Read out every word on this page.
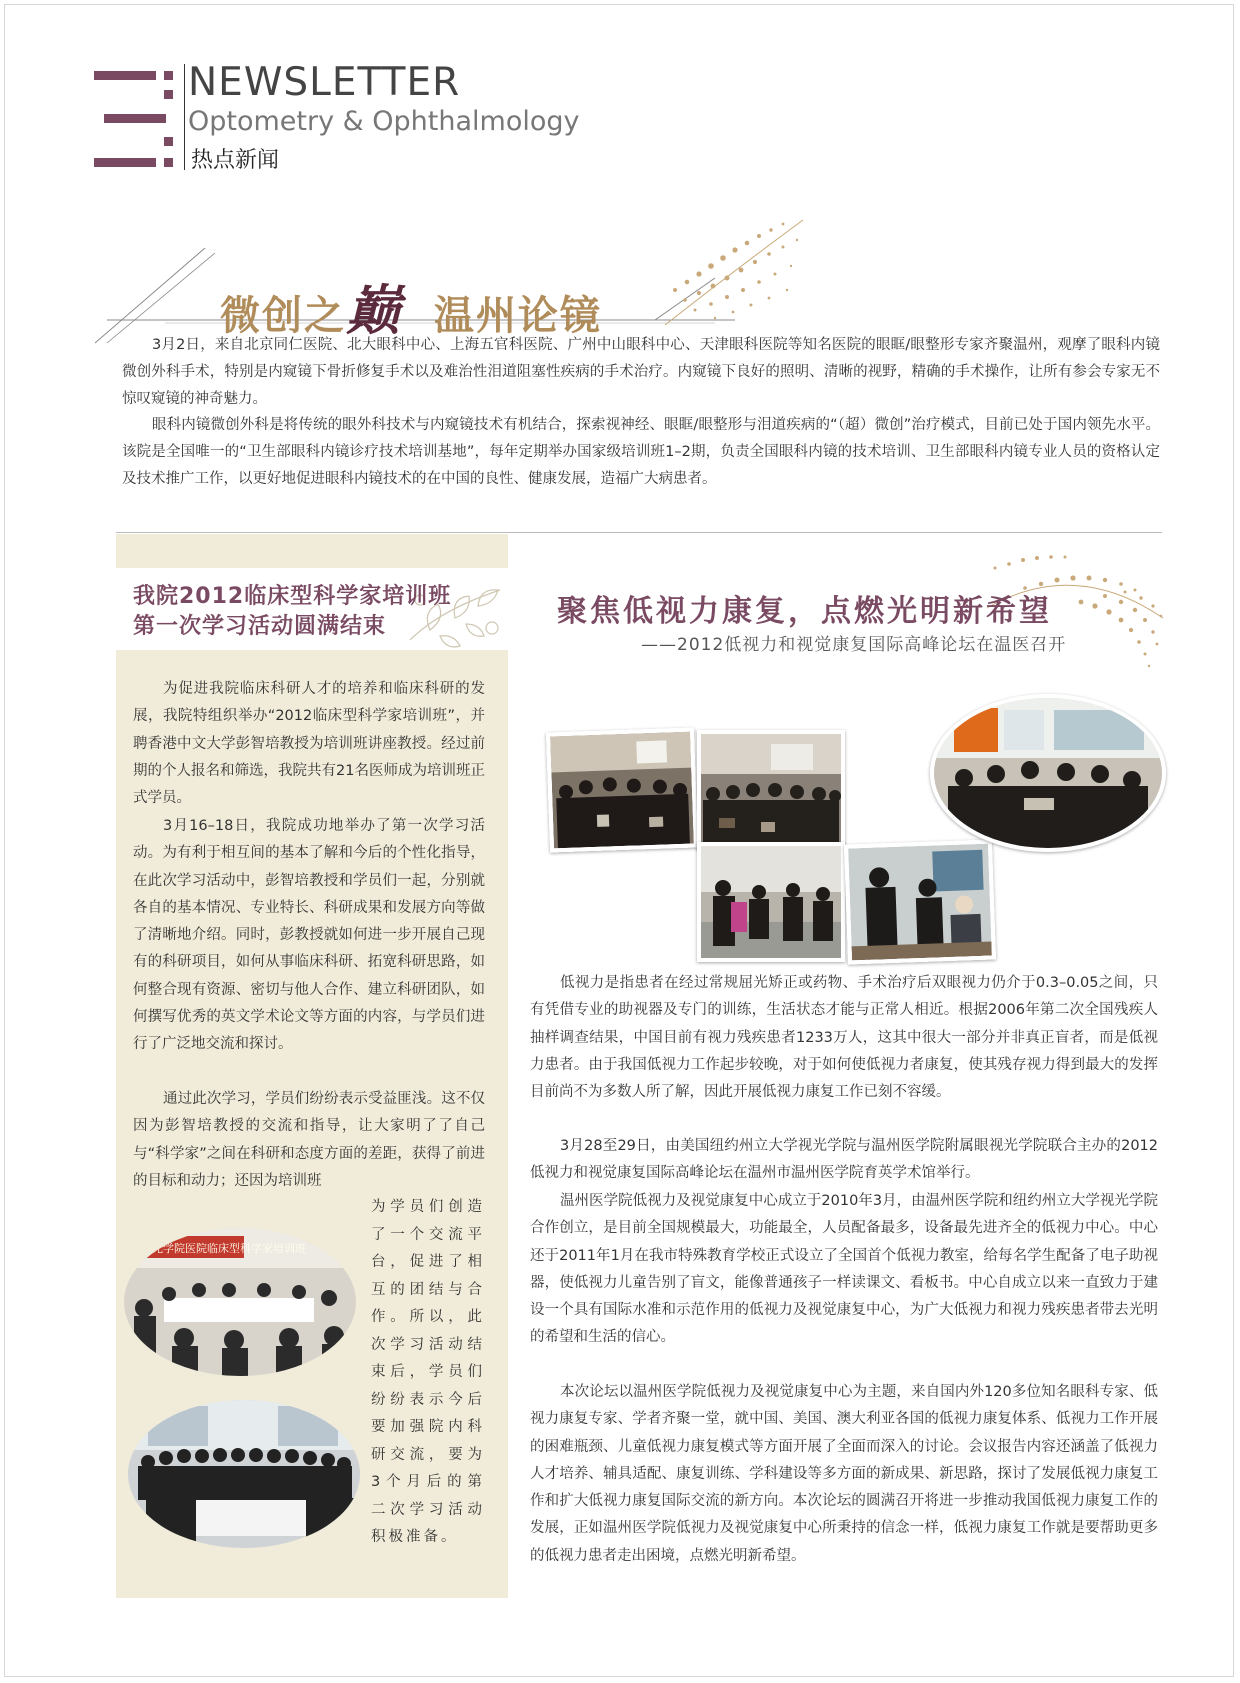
NEWSLETTER
Optometry & Ophthalmology
热点新闻
微创之巅 温州论镜

3月2日，来自北京同仁医院、北大眼科中心、上海五官科医院、广州中山眼科中心、天津眼科医院等知名医院的眼眶/眼整形专家齐聚温州，观摩了眼科内镜微创外科手术，特别是内窥镜下骨折修复手术以及难治性泪道阻塞性疾病的手术治疗。内窥镜下良好的照明、清晰的视野，精确的手术操作，让所有参会专家无不惊叹窥镜的神奇魅力。

眼科内镜微创外科是将传统的眼外科技术与内窥镜技术有机结合，探索视神经、眼眶/眼整形与泪道疾病的“（超）微创”治疗模式，目前已处于国内领先水平。该院是全国唯一的“卫生部眼科内镜诊疗技术培训基地”，每年定期举办国家级培训班1–2期，负责全国眼科内镜的技术培训、卫生部眼科内镜专业人员的资格认定及技术推广工作，以更好地促进眼科内镜技术的在中国的良性、健康发展，造福广大病患者。

我院2012临床型科学家培训班
第一次学习活动圆满结束

为促进我院临床科研人才的培养和临床科研的发展，我院特组织举办“2012临床型科学家培训班”，并聘香港中文大学彭智培教授为培训班讲座教授。经过前期的个人报名和筛选，我院共有21名医师成为培训班正式学员。

3月16–18日，我院成功地举办了第一次学习活动。为有利于相互间的基本了解和今后的个性化指导，在此次学习活动中，彭智培教授和学员们一起，分别就各自的基本情况、专业特长、科研成果和发展方向等做了清晰地介绍。同时，彭教授就如何进一步开展自己现有的科研项目，如何从事临床科研、拓宽科研思路，如何整合现有资源、密切与他人合作、建立科研团队，如何撰写优秀的英文学术论文等方面的内容，与学员们进行了广泛地交流和探讨。

通过此次学习，学员们纷纷表示受益匪浅。这不仅因为彭智培教授的交流和指导，让大家明了了自己与“科学家”之间在科研和态度方面的差距，获得了前进的目标和动力；还因为培训班

为学员们创造了一个交流平台，促进了相互的团结与合作。所以，此次学习活动结束后，学员们纷纷表示今后要加强院内科研交流，要为3个月后的第二次学习活动积极准备。

眼视光学院医院临床型科学家培训班
聚焦低视力康复，点燃光明新希望
——2012低视力和视觉康复国际高峰论坛在温医召开

低视力是指患者在经过常规屈光矫正或药物、手术治疗后双眼视力仍介于0.3–0.05之间，只有凭借专业的助视器及专门的训练，生活状态才能与正常人相近。根据2006年第二次全国残疾人抽样调查结果，中国目前有视力残疾患者1233万人，这其中很大一部分并非真正盲者，而是低视力患者。由于我国低视力工作起步较晚，对于如何使低视力者康复，使其残存视力得到最大的发挥目前尚不为多数人所了解，因此开展低视力康复工作已刻不容缓。

3月28至29日，由美国纽约州立大学视光学院与温州医学院附属眼视光学院联合主办的2012低视力和视觉康复国际高峰论坛在温州市温州医学院育英学术馆举行。

温州医学院低视力及视觉康复中心成立于2010年3月，由温州医学院和纽约州立大学视光学院合作创立，是目前全国规模最大，功能最全，人员配备最多，设备最先进齐全的低视力中心。中心还于2011年1月在我市特殊教育学校正式设立了全国首个低视力教室，给每名学生配备了电子助视器，使低视力儿童告别了盲文，能像普通孩子一样读课文、看板书。中心自成立以来一直致力于建设一个具有国际水准和示范作用的低视力及视觉康复中心，为广大低视力和视力残疾患者带去光明的希望和生活的信心。

本次论坛以温州医学院低视力及视觉康复中心为主题，来自国内外120多位知名眼科专家、低视力康复专家、学者齐聚一堂，就中国、美国、澳大利亚各国的低视力康复体系、低视力工作开展的困难瓶颈、儿童低视力康复模式等方面开展了全面而深入的讨论。会议报告内容还涵盖了低视力人才培养、辅具适配、康复训练、学科建设等多方面的新成果、新思路，探讨了发展低视力康复工作和扩大低视力康复国际交流的新方向。本次论坛的圆满召开将进一步推动我国低视力康复工作的发展，正如温州医学院低视力及视觉康复中心所秉持的信念一样，低视力康复工作就是要帮助更多的低视力患者走出困境，点燃光明新希望。
